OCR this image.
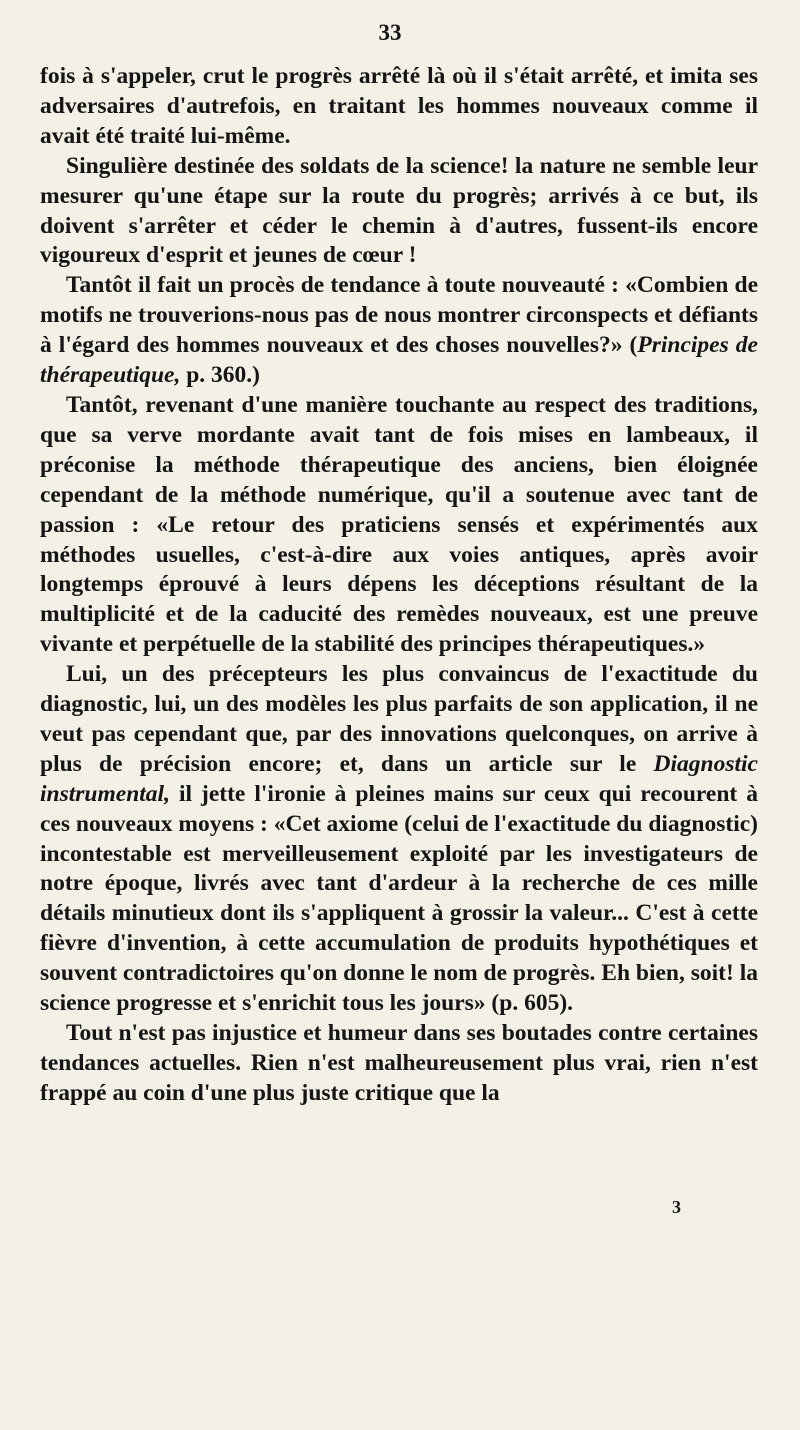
33

fois à s'appeler, crut le progrès arrêté là où il s'était arrêté, et imita ses adversaires d'autrefois, en traitant les hommes nouveaux comme il avait été traité lui-même.

Singulière destinée des soldats de la science! la nature ne semble leur mesurer qu'une étape sur la route du progrès; arrivés à ce but, ils doivent s'arrêter et céder le chemin à d'autres, fussent-ils encore vigoureux d'esprit et jeunes de cœur !

Tantôt il fait un procès de tendance à toute nouveauté : «Combien de motifs ne trouverions-nous pas de nous montrer circonspects et défiants à l'égard des hommes nouveaux et des choses nouvelles?» (Principes de thérapeutique, p. 360.)

Tantôt, revenant d'une manière touchante au respect des traditions, que sa verve mordante avait tant de fois mises en lambeaux, il préconise la méthode thérapeutique des anciens, bien éloignée cependant de la méthode numérique, qu'il a soutenue avec tant de passion : «Le retour des praticiens sensés et expérimentés aux méthodes usuelles, c'est-à-dire aux voies antiques, après avoir longtemps éprouvé à leurs dépens les déceptions résultant de la multiplicité et de la caducité des remèdes nouveaux, est une preuve vivante et perpétuelle de la stabilité des principes thérapeutiques.»

Lui, un des précepteurs les plus convaincus de l'exactitude du diagnostic, lui, un des modèles les plus parfaits de son application, il ne veut pas cependant que, par des innovations quelconques, on arrive à plus de précision encore; et, dans un article sur le Diagnostic instrumental, il jette l'ironie à pleines mains sur ceux qui recourent à ces nouveaux moyens : «Cet axiome (celui de l'exactitude du diagnostic) incontestable est merveilleusement exploité par les investigateurs de notre époque, livrés avec tant d'ardeur à la recherche de ces mille détails minutieux dont ils s'appliquent à grossir la valeur... C'est à cette fièvre d'invention, à cette accumulation de produits hypothétiques et souvent contradictoires qu'on donne le nom de progrès. Eh bien, soit! la science progresse et s'enrichit tous les jours» (p. 605).

Tout n'est pas injustice et humeur dans ses boutades contre certaines tendances actuelles. Rien n'est malheureusement plus vrai, rien n'est frappé au coin d'une plus juste critique que la

3
